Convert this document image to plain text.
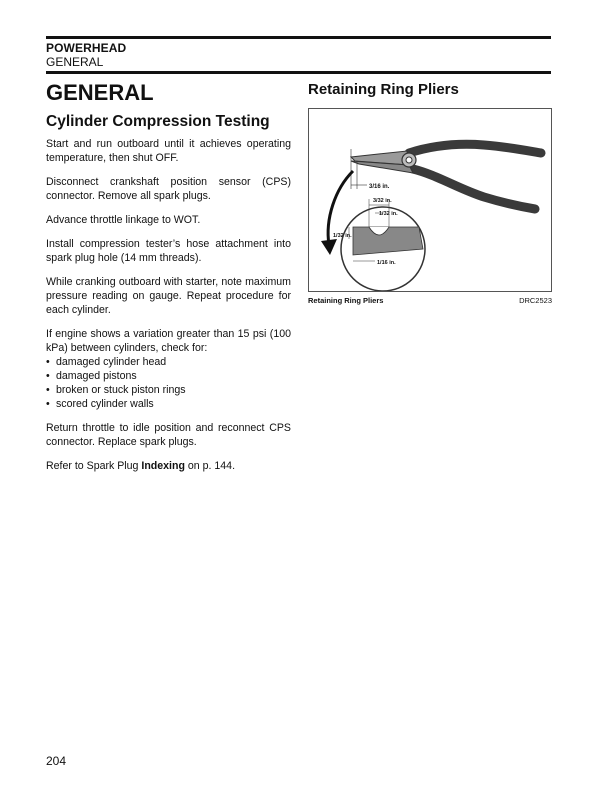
POWERHEAD
GENERAL
GENERAL
Cylinder Compression Testing

Start and run outboard until it achieves operating temperature, then shut OFF.

Disconnect crankshaft position sensor (CPS) connector. Remove all spark plugs.

Advance throttle linkage to WOT.

Install compression tester’s hose attachment into spark plug hole (14 mm threads).

While cranking outboard with starter, note maximum pressure reading on gauge. Repeat procedure for each cylinder.

If engine shows a variation greater than 15 psi (100 kPa) between cylinders, check for:

• damaged cylinder head
• damaged pistons
• broken or stuck piston rings
• scored cylinder walls

Return throttle to idle position and reconnect CPS connector. Replace spark plugs.

Refer to Spark Plug Indexing on p. 144.

Retaining Ring Pliers
3/16 in.
3/32 in.
1/32 in.
1/32 in.
1/16 in.
Retaining Ring Pliers	DRC2523
204
